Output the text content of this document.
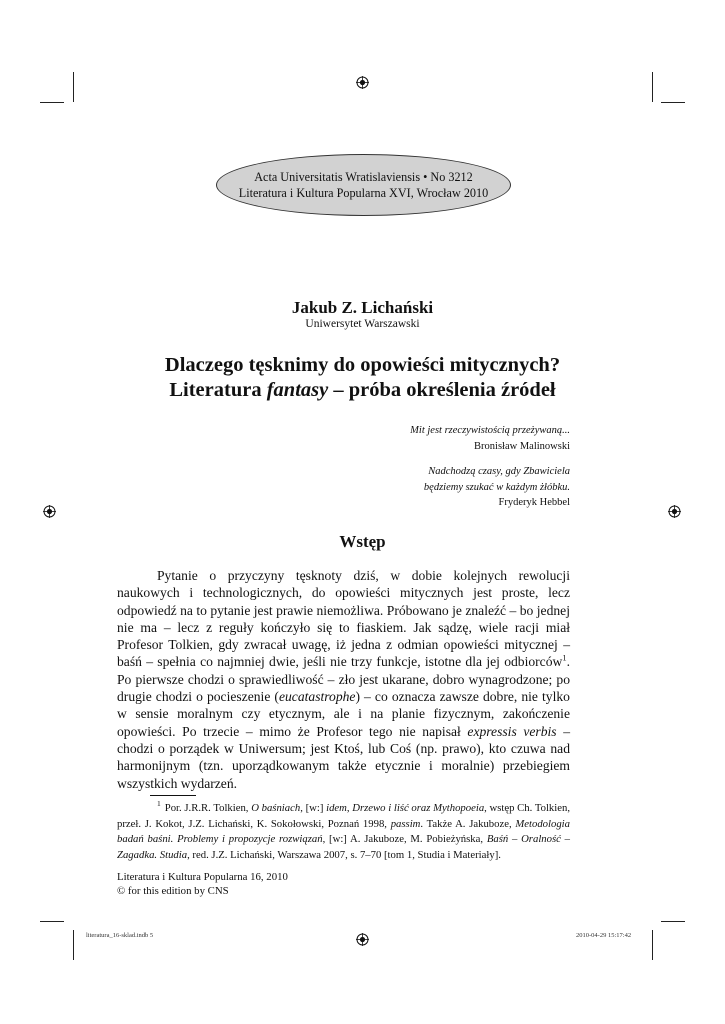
Acta Universitatis Wratislaviensis • No 3212
Literatura i Kultura Popularna XVI, Wrocław 2010
Jakub Z. Lichański
Uniwersytet Warszawski
Dlaczego tęsknimy do opowieści mitycznych?
Literatura fantasy – próba określenia źródeł
Mit jest rzeczywistością przeżywaną...
Bronisław Malinowski
Nadchodzą czasy, gdy Zbawiciela
będziemy szukać w każdym żłóbku.
Fryderyk Hebbel
Wstęp

Pytanie o przyczyny tęsknoty dziś, w dobie kolejnych rewolucji naukowych i technologicznych, do opowieści mitycznych jest proste, lecz odpowiedź na to pytanie jest prawie niemożliwa. Próbowano je znaleźć – bo jednej nie ma – lecz z reguły kończyło się to fiaskiem. Jak sądzę, wiele racji miał Profesor Tolkien, gdy zwracał uwagę, iż jedna z odmian opowieści mitycznej – baśń – spełnia co najmniej dwie, jeśli nie trzy funkcje, istotne dla jej odbiorców$^1$. Po pierwsze chodzi o sprawiedliwość – zło jest ukarane, dobro wynagrodzone; po drugie chodzi o pocieszenie (eucatastrophe) – co oznacza zawsze dobre, nie tylko w sensie moralnym czy etycznym, ale i na planie fizycznym, zakończenie opowieści. Po trzecie – mimo że Profesor tego nie napisał expressis verbis – chodzi o porządek w Uniwersum; jest Ktoś, lub Coś (np. prawo), kto czuwa nad harmonijnym (tzn. uporządkowanym także etycznie i moralnie) przebiegiem wszystkich wydarzeń.

$^1$ Por. J.R.R. Tolkien, O baśniach, [w:] idem, Drzewo i liść oraz Mythopoeia, wstęp Ch. Tolkien, przeł. J. Kokot, J.Z. Lichański, K. Sokołowski, Poznań 1998, passim. Także A. Jakuboze, Metodologia badań baśni. Problemy i propozycje rozwiązań, [w:] A. Jakuboze, M. Pobieżyńska, Baśń – Oralność – Zagadka. Studia, red. J.Z. Lichański, Warszawa 2007, s. 7–70 [tom 1, Studia i Materiały].

Literatura i Kultura Popularna 16, 2010
© for this edition by CNS
literatura_16-sklad.indb 5	2010-04-29 15:17:42
